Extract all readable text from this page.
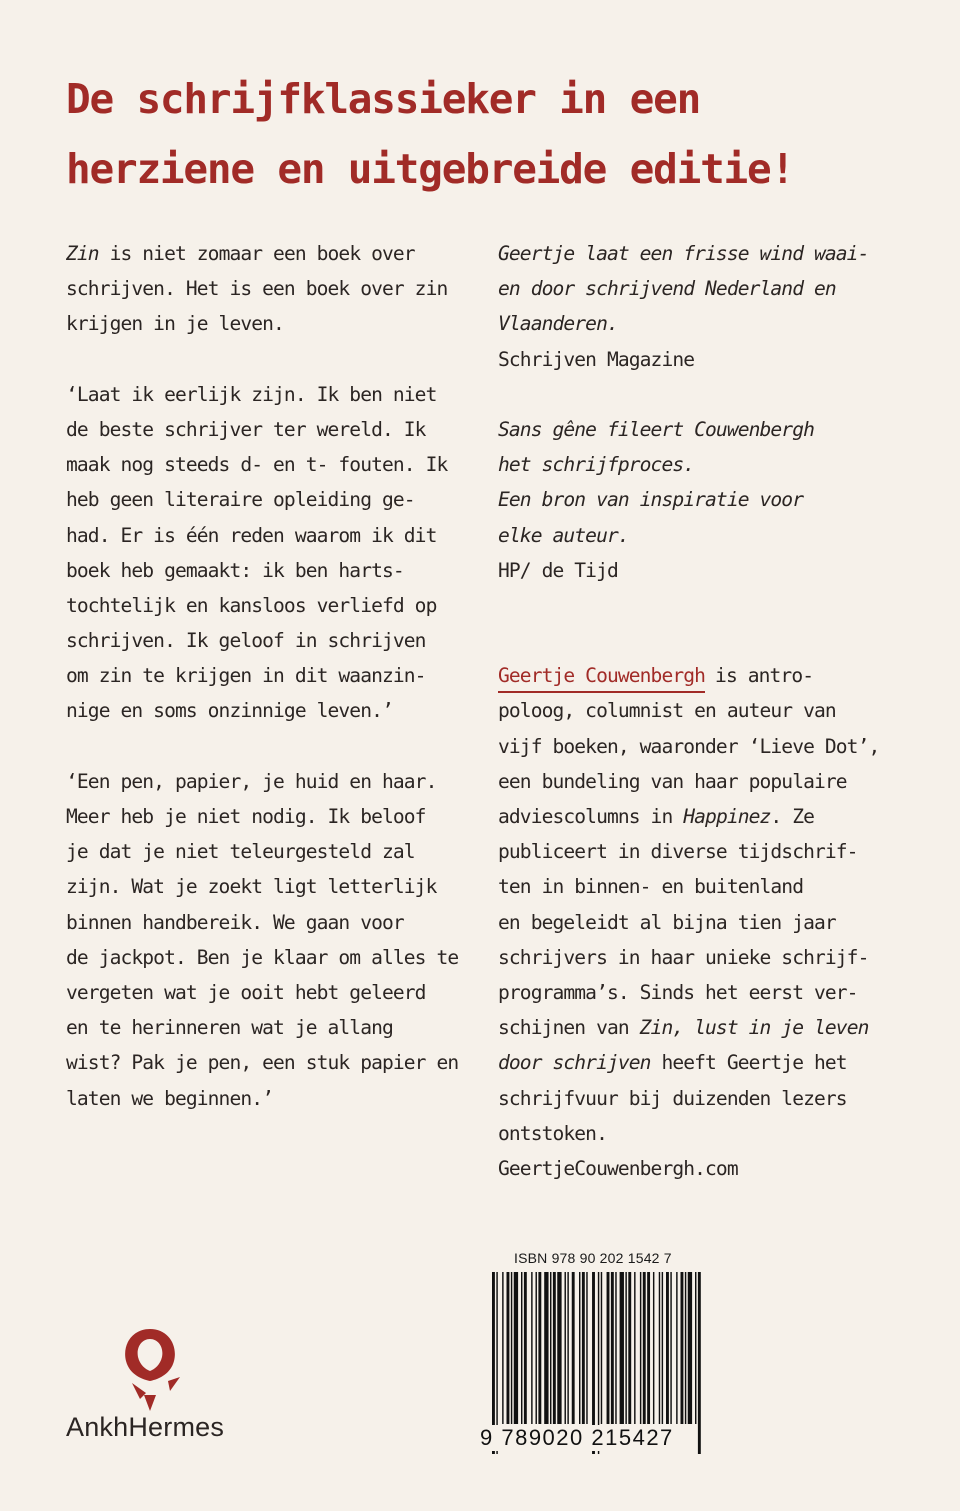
De schrijfklassieker in een
herziene en uitgebreide editie!
Zin is niet zomaar een boek over
schrijven. Het is een boek over zin
krijgen in je leven.
‘Laat ik eerlijk zijn. Ik ben niet
de beste schrijver ter wereld. Ik
maak nog steeds d- en t- fouten. Ik
heb geen literaire opleiding ge-
had. Er is één reden waarom ik dit
boek heb gemaakt: ik ben harts-
tochtelijk en kansloos verliefd op
schrijven. Ik geloof in schrijven
om zin te krijgen in dit waanzin-
nige en soms onzinnige leven.’
‘Een pen, papier, je huid en haar.
Meer heb je niet nodig. Ik beloof
je dat je niet teleurgesteld zal
zijn. Wat je zoekt ligt letterlijk
binnen handbereik. We gaan voor
de jackpot. Ben je klaar om alles te
vergeten wat je ooit hebt geleerd
en te herinneren wat je allang
wist? Pak je pen, een stuk papier en
laten we beginnen.’
Geertje laat een frisse wind waai-
en door schrijvend Nederland en
Vlaanderen.
Schrijven Magazine
Sans gêne fileert Couwenbergh
het schrijfproces.
Een bron van inspiratie voor
elke auteur.
HP/ de Tijd
Geertje Couwenbergh is antro-
poloog, columnist en auteur van
vijf boeken, waaronder ‘Lieve Dot’,
een bundeling van haar populaire
adviescolumns in Happinez. Ze
publiceert in diverse tijdschrif-
ten in binnen- en buitenland
en begeleidt al bijna tien jaar
schrijvers in haar unieke schrijf-
programma’s. Sinds het eerst ver-
schijnen van Zin, lust in je leven
door schrijven heeft Geertje het
schrijfvuur bij duizenden lezers
ontstoken.
GeertjeCouwenbergh.com
ISBN 978 90 202 1542 7
9 789020 215427
AnkhHermes
